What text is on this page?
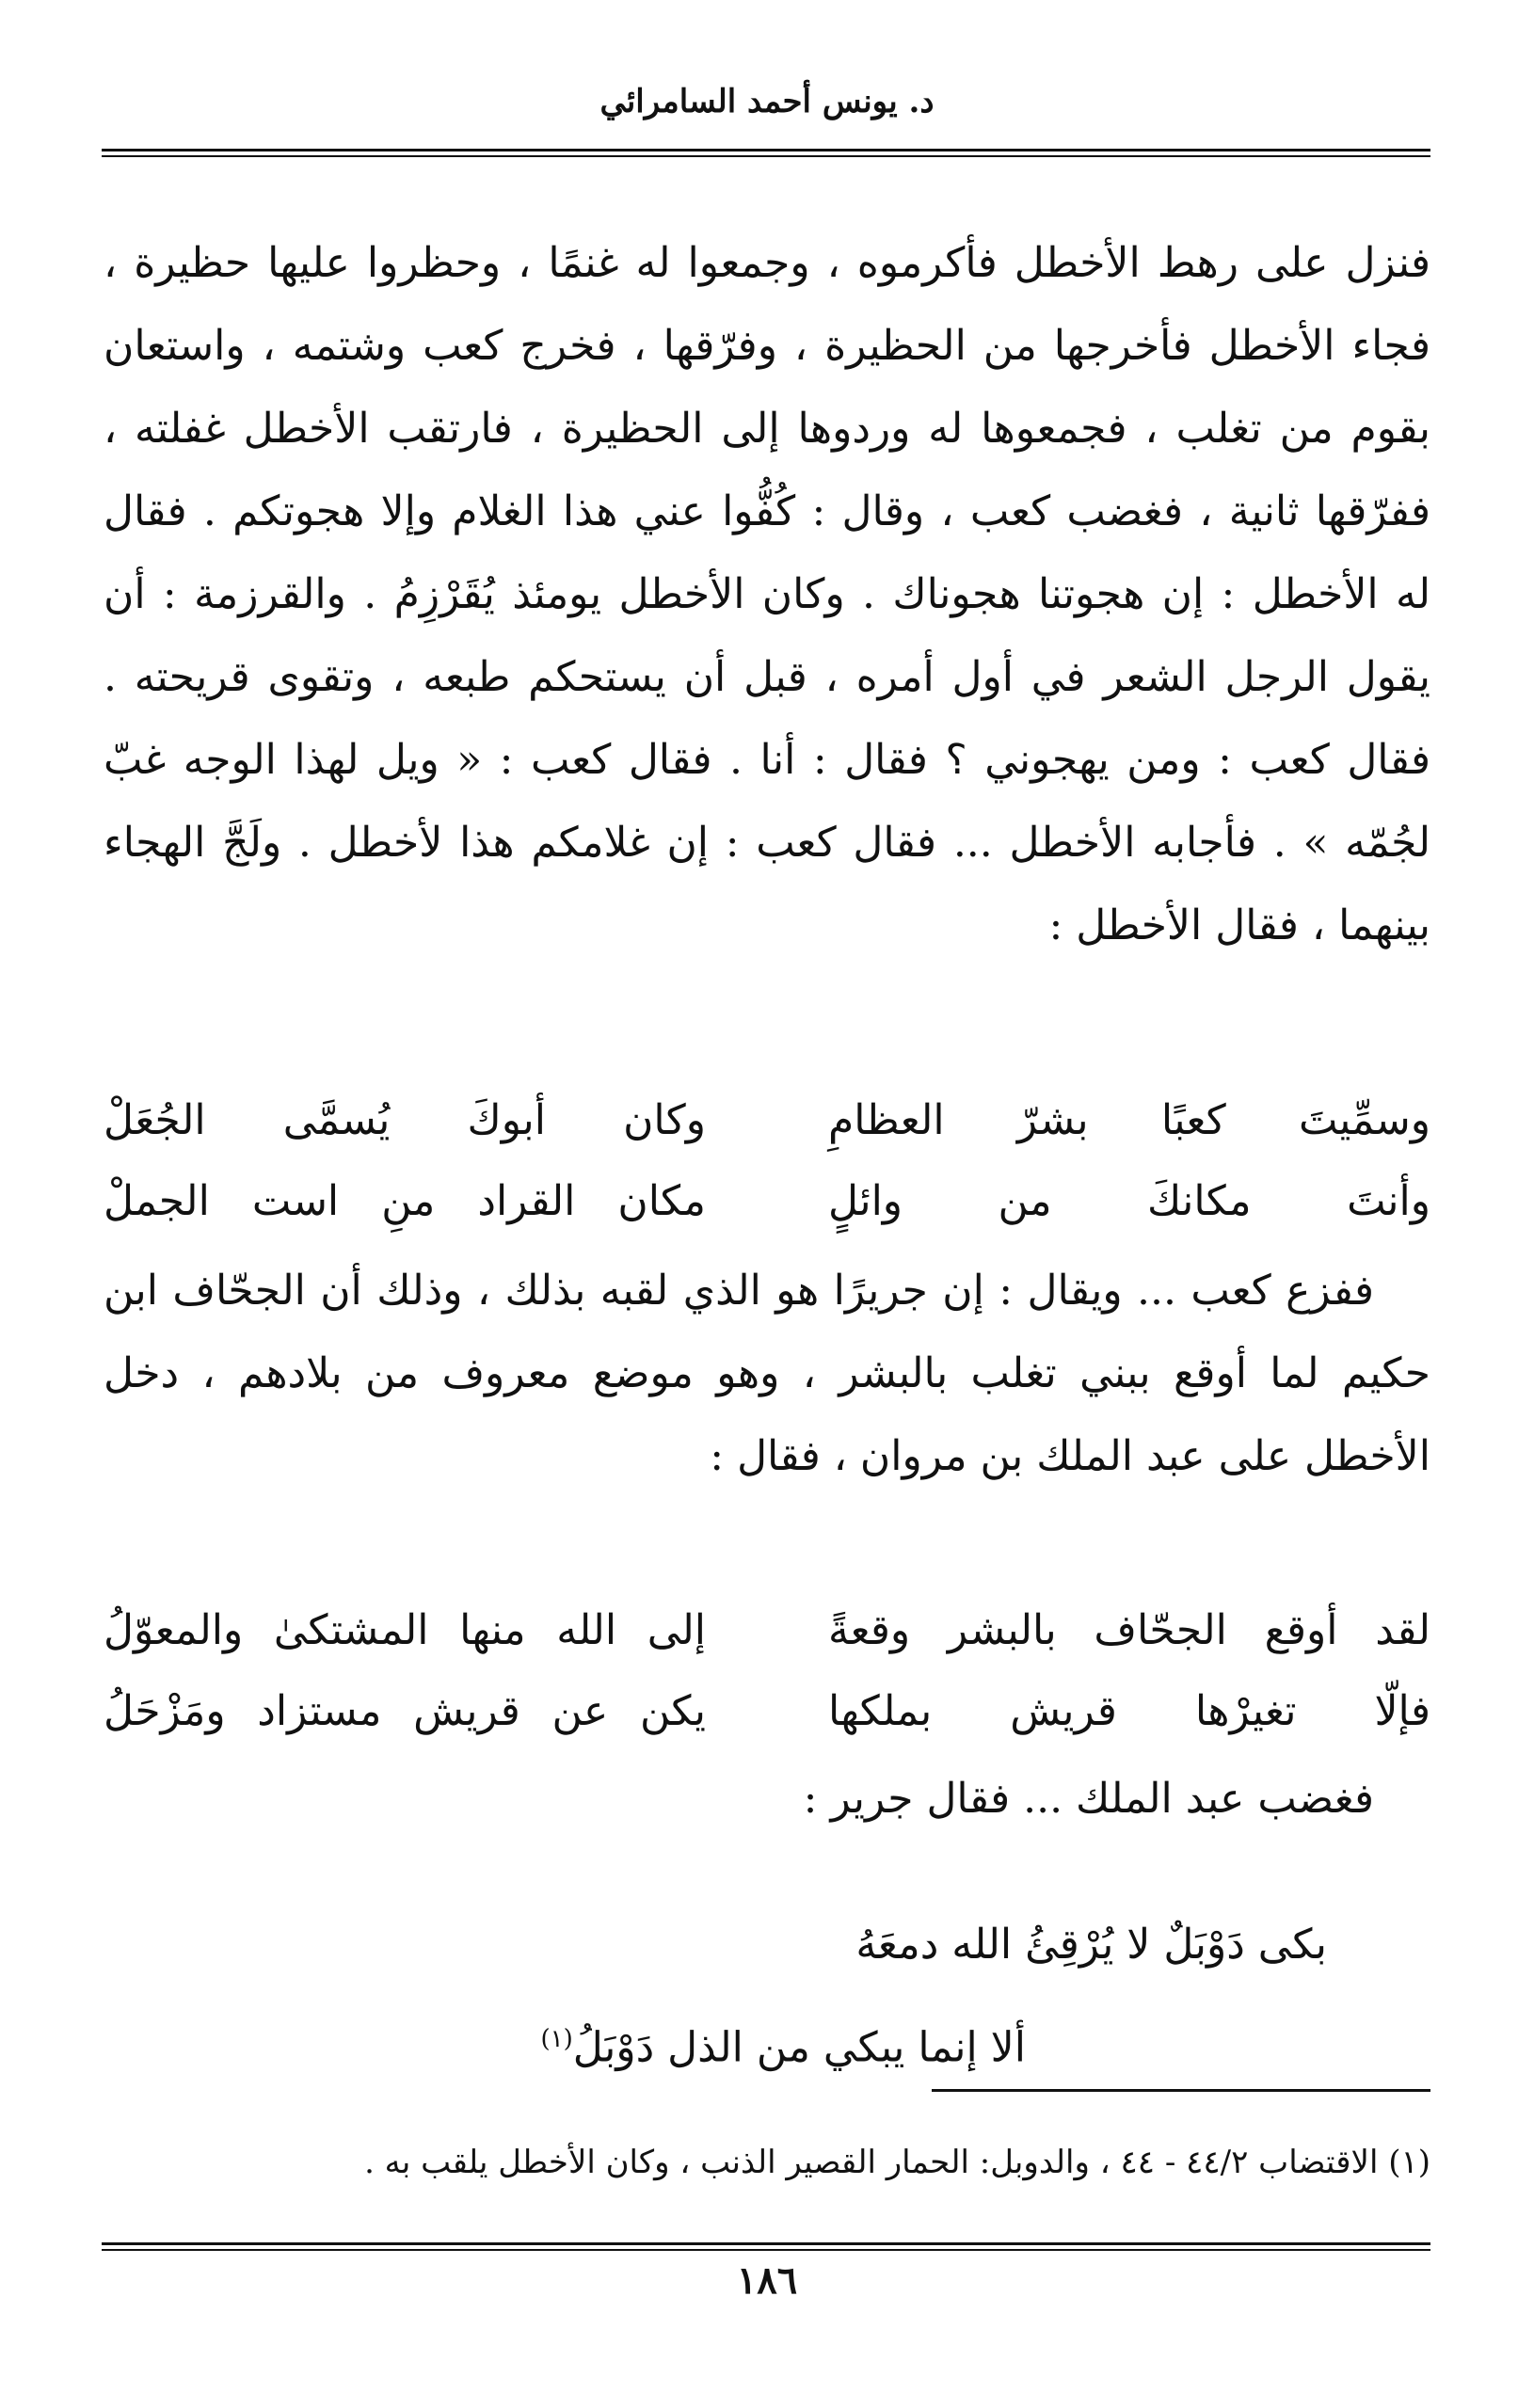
د. يونس أحمد السامرائي

فنزل على رهط الأخطل فأكرموه ، وجمعوا له غنمًا ، وحظروا عليها حظيرة ، فجاء الأخطل فأخرجها من الحظيرة ، وفرّقها ، فخرج كعب وشتمه ، واستعان بقوم من تغلب ، فجمعوها له وردوها إلى الحظيرة ، فارتقب الأخطل غفلته ، ففرّقها ثانية ، فغضب كعب ، وقال : كُفُّوا عني هذا الغلام وإلا هجوتكم . فقال له الأخطل : إن هجوتنا هجوناك . وكان الأخطل يومئذ يُقَرْزِمُ . والقرزمة : أن يقول الرجل الشعر في أول أمره ، قبل أن يستحكم طبعه ، وتقوى قريحته . فقال كعب : ومن يهجوني ؟ فقال : أنا . فقال كعب : « ويل لهذا الوجه غبّ لجُمّه » . فأجابه الأخطل ... فقال كعب : إن غلامكم هذا لأخطل . ولَجَّ الهجاء بينهما ، فقال الأخطل :

وسمِّيتَ كعبًا بشرّ العظامِ
وكان أبوكَ يُسمَّى الجُعَلْ
وأنتَ مكانكَ من وائلٍ
مكان القراد منِ است الجملْ

ففزع كعب ... ويقال : إن جريرًا هو الذي لقبه بذلك ، وذلك أن الجحّاف ابن حكيم لما أوقع ببني تغلب بالبشر ، وهو موضع معروف من بلادهم ، دخل الأخطل على عبد الملك بن مروان ، فقال :

لقد أوقع الجحّاف بالبشر وقعةً
إلى الله منها المشتكىٰ والمعوّلُ
فإلّا تغيرْها قريش بملكها
يكن عن قريش مستزاد ومَزْحَلُ

فغضب عبد الملك ... فقال جرير :

بكى دَوْبَلٌ لا يُرْقِئُ الله دمعَهُ
ألا إنما يبكي من الذل دَوْبَلُ$^{(١)}$

(١) الاقتضاب ٤٤/٢ - ٤٤ ، والدوبل: الحمار القصير الذنب ، وكان الأخطل يلقب به .

١٨٦
